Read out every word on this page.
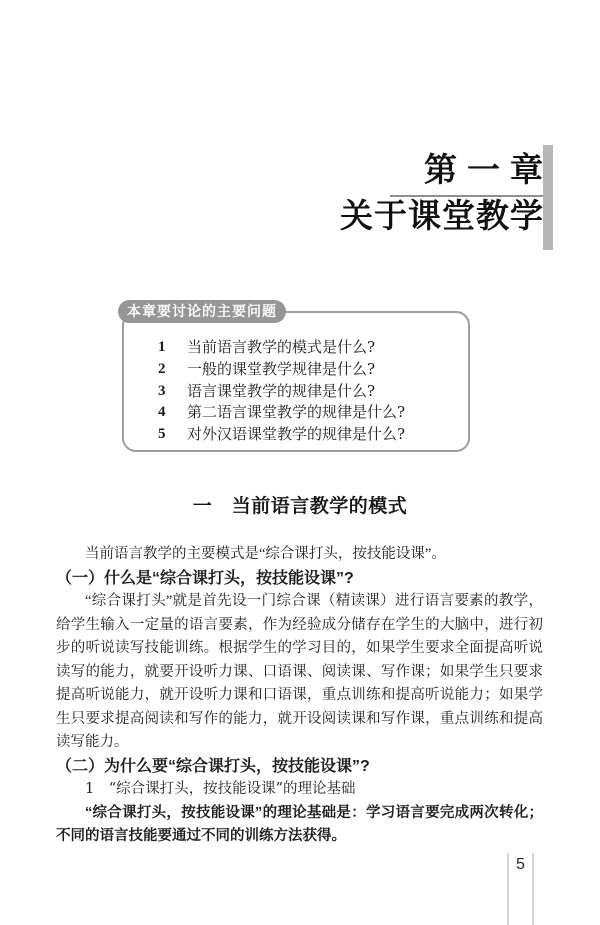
第一章
关于课堂教学
本章要讨论的主要问题
1	当前语言教学的模式是什么?
2	一般的课堂教学规律是什么?
3	语言课堂教学的规律是什么?
4	第二语言课堂教学的规律是什么?
5	对外汉语课堂教学的规律是什么?
一　当前语言教学的模式

当前语言教学的主要模式是“综合课打头，按技能设课”。

（一）什么是“综合课打头，按技能设课”?

“综合课打头”就是首先设一门综合课（精读课）进行语言要素的教学，给学生输入一定量的语言要素，作为经验成分储存在学生的大脑中，进行初步的听说读写技能训练。根据学生的学习目的，如果学生要求全面提高听说读写的能力，就要开设听力课、口语课、阅读课、写作课；如果学生只要求提高听说能力，就开设听力课和口语课，重点训练和提高听说能力；如果学生只要求提高阅读和写作的能力，就开设阅读课和写作课，重点训练和提高读写能力。

（二）为什么要“综合课打头，按技能设课”?

1　“综合课打头，按技能设课”的理论基础

“综合课打头，按技能设课”的理论基础是：学习语言要完成两次转化；不同的语言技能要通过不同的训练方法获得。

5
